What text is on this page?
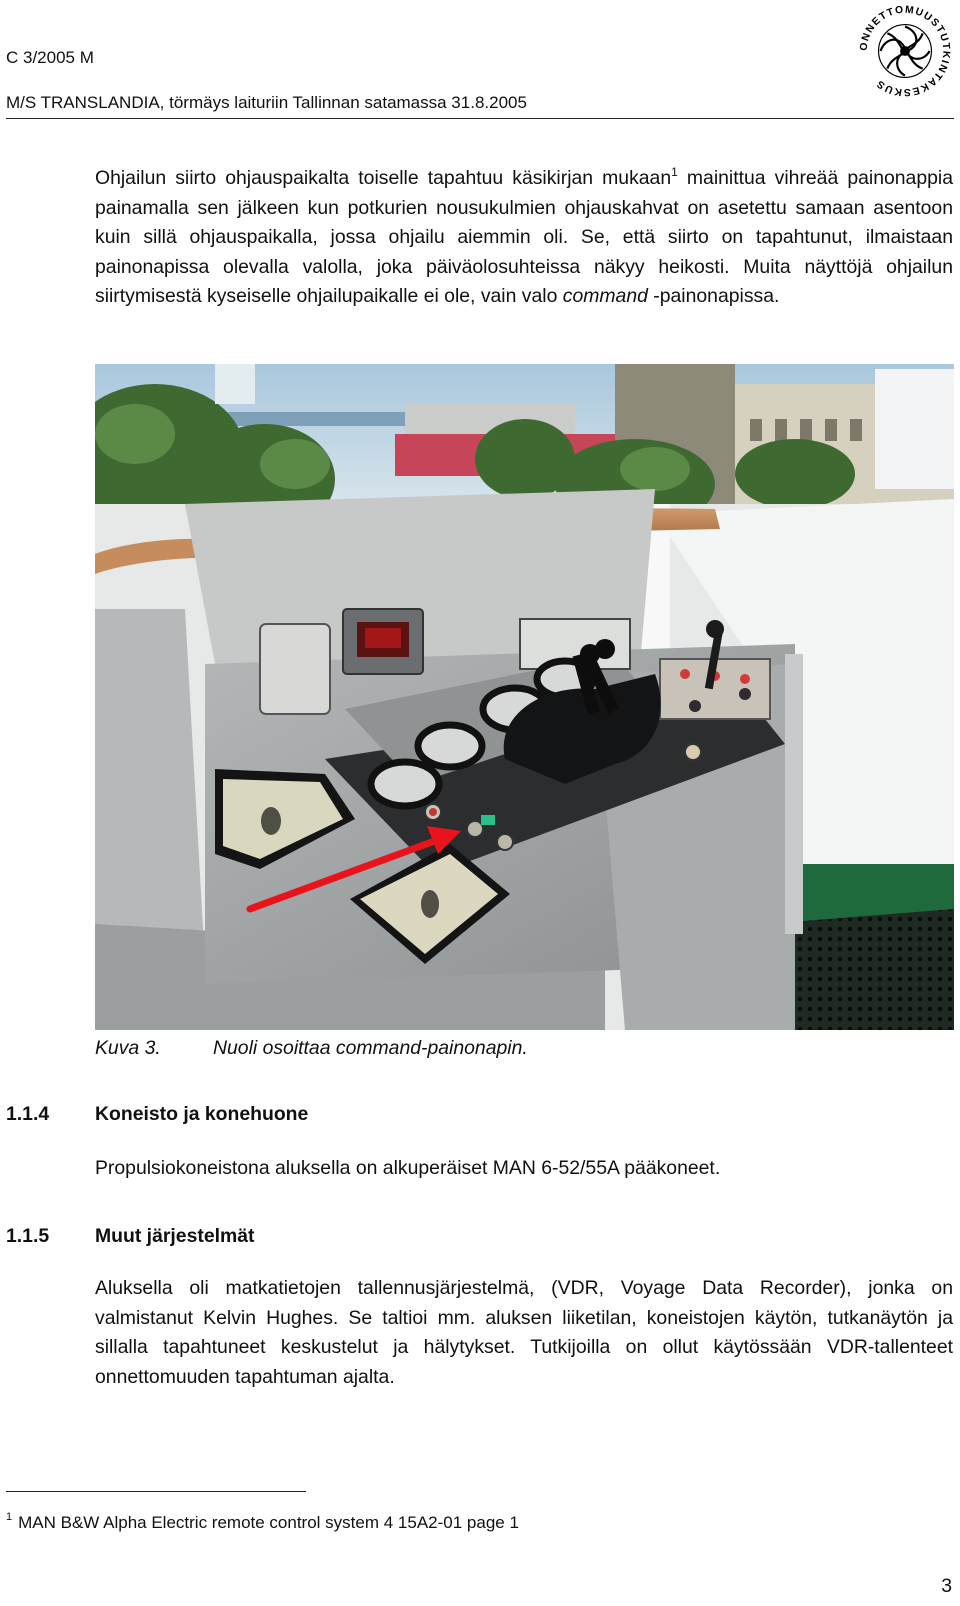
C 3/2005 M
M/S TRANSLANDIA, törmäys laituriin Tallinnan satamassa 31.8.2005
ONNETTOMUUSTUTKINTAKESKUS

Ohjailun siirto ohjauspaikalta toiselle tapahtuu käsikirjan mukaan$^1$ mainittua vihreää painonappia painamalla sen jälkeen kun potkurien nousukulmien ohjauskahvat on asetettu samaan asentoon kuin sillä ohjauspaikalla, jossa ohjailu aiemmin oli. Se, että siirto on tapahtunut, ilmaistaan painonapissa olevalla valolla, joka päiväolosuhteissa näkyy heikosti. Muita näyttöjä ohjailun siirtymisestä kyseiselle ohjailupaikalle ei ole, vain valo command -painonapissa.

Kuva 3.	Nuoli osoittaa command-painonapin.
1.1.4 Koneisto ja konehuone

Propulsiokoneistona aluksella on alkuperäiset MAN 6-52/55A pääkoneet.

1.1.5 Muut järjestelmät

Aluksella oli matkatietojen tallennusjärjestelmä, (VDR, Voyage Data Recorder), jonka on valmistanut Kelvin Hughes. Se taltioi mm. aluksen liiketilan, koneistojen käytön, tutkanäytön ja sillalla tapahtuneet keskustelut ja hälytykset. Tutkijoilla on ollut käytössään VDR-tallenteet onnettomuuden tapahtuman ajalta.

$^1$ MAN B&W Alpha Electric remote control system 4 15A2-01 page 1
3
